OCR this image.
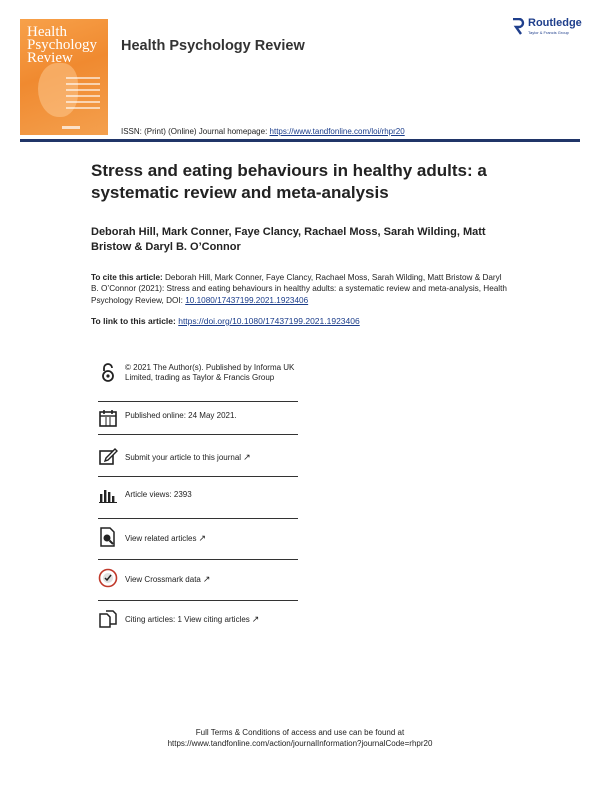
Health
Psychology
Review
Health Psychology Review
ISSN: (Print) (Online) Journal homepage: https://www.tandfonline.com/loi/rhpr20
Routledge
Taylor & Francis Group
Stress and eating behaviours in healthy adults: a systematic review and meta-analysis
Deborah Hill, Mark Conner, Faye Clancy, Rachael Moss, Sarah Wilding, Matt Bristow & Daryl B. O’Connor
To cite this article: Deborah Hill, Mark Conner, Faye Clancy, Rachael Moss, Sarah Wilding, Matt Bristow & Daryl B. O’Connor (2021): Stress and eating behaviours in healthy adults: a systematic review and meta-analysis, Health Psychology Review, DOI: 10.1080/17437199.2021.1923406
To link to this article: https://doi.org/10.1080/17437199.2021.1923406
© 2021 The Author(s). Published by Informa UK Limited, trading as Taylor & Francis Group
Published online: 24 May 2021.
Submit your article to this journal ↗
Article views: 2393
View related articles ↗
View Crossmark data ↗
Citing articles: 1 View citing articles ↗
Full Terms & Conditions of access and use can be found at
https://www.tandfonline.com/action/journalInformation?journalCode=rhpr20
